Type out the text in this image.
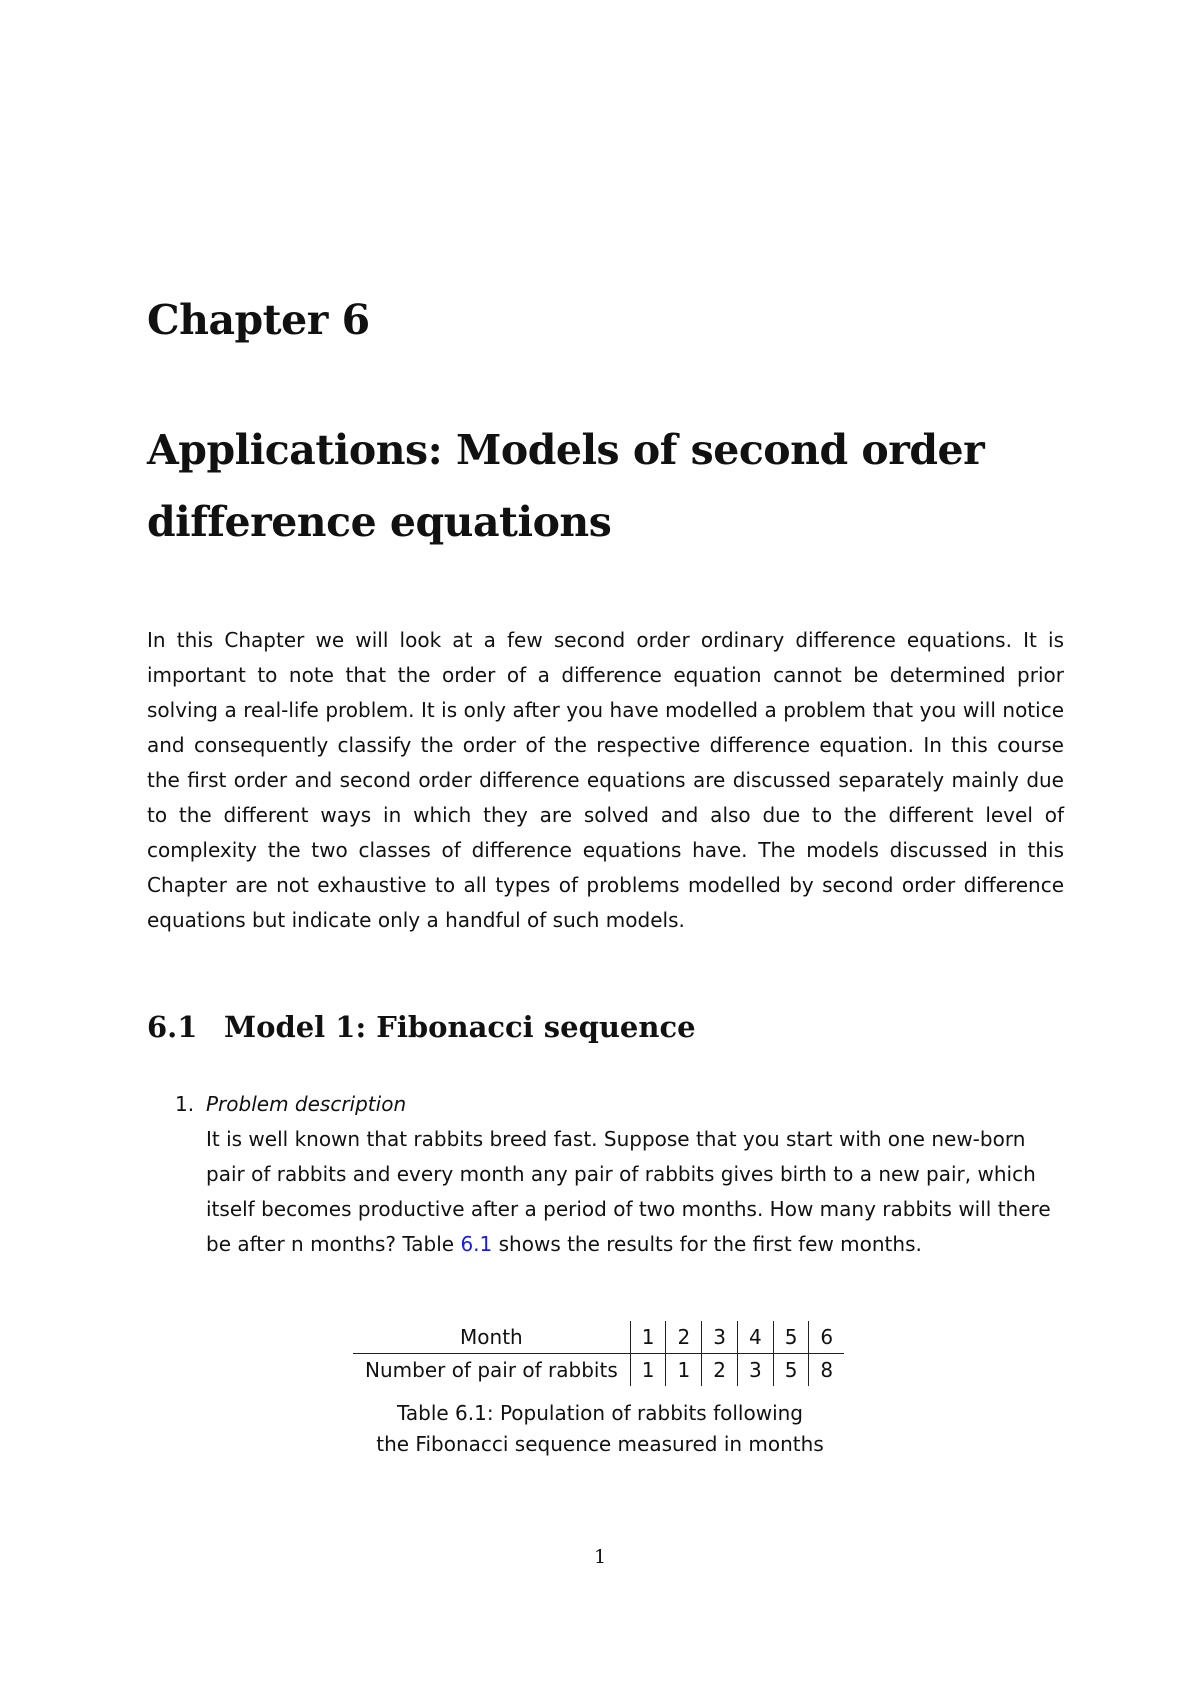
Chapter 6
Applications: Models of second order difference equations

In this Chapter we will look at a few second order ordinary difference equations. It is important to note that the order of a difference equation cannot be determined prior solving a real-life problem. It is only after you have modelled a problem that you will notice and consequently classify the order of the respective difference equation. In this course the first order and second order difference equations are discussed separately mainly due to the different ways in which they are solved and also due to the different level of complexity the two classes of difference equations have. The models discussed in this Chapter are not exhaustive to all types of problems modelled by second order difference equations but indicate only a handful of such models.

6.1 Model 1: Fibonacci sequence
1. Problem description
It is well known that rabbits breed fast. Suppose that you start with one new-born pair of rabbits and every month any pair of rabbits gives birth to a new pair, which itself becomes productive after a period of two months. How many rabbits will there be after n months? Table 6.1 shows the results for the first few months.
Month	1	2	3	4	5	6
Number of pair of rabbits	1	1	2	3	5	8
Table 6.1: Population of rabbits following
the Fibonacci sequence measured in months
1
